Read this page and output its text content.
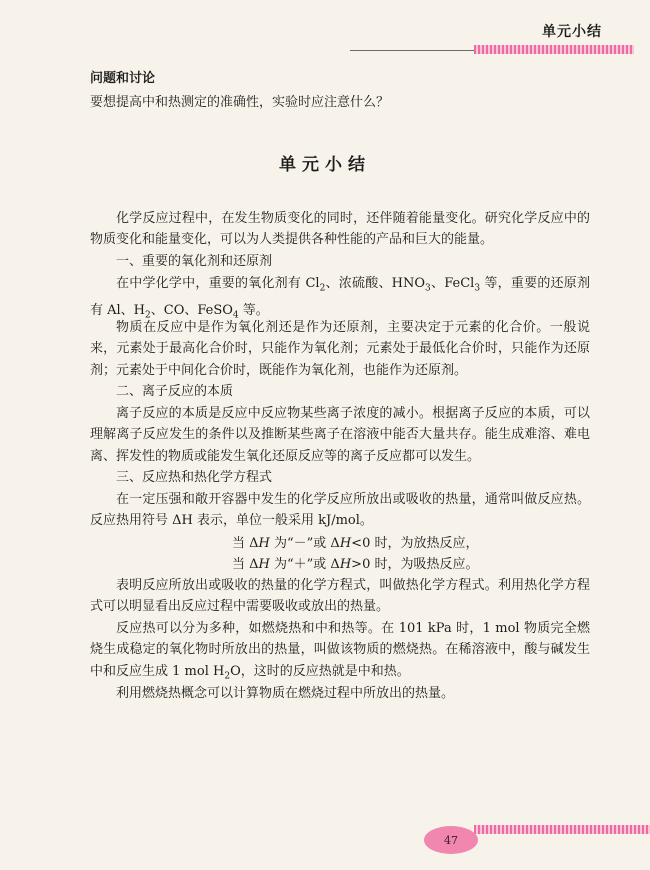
单元小结
问题和讨论
要想提高中和热测定的准确性，实验时应注意什么？
单元小结
化学反应过程中，在发生物质变化的同时，还伴随着能量变化。研究化学反应中的物质变化和能量变化，可以为人类提供各种性能的产品和巨大的能量。
一、重要的氧化剂和还原剂
在中学化学中，重要的氧化剂有 $Cl_2$、浓硫酸、$HNO_3$、FeCl$_3$ 等，重要的还原剂有 Al、$H_2$、CO、FeSO$_4$ 等。
物质在反应中是作为氧化剂还是作为还原剂，主要决定于元素的化合价。一般说来，元素处于最高化合价时，只能作为氧化剂；元素处于最低化合价时，只能作为还原剂；元素处于中间化合价时，既能作为氧化剂，也能作为还原剂。
二、离子反应的本质
离子反应的本质是反应中反应物某些离子浓度的减小。根据离子反应的本质，可以理解离子反应发生的条件以及推断某些离子在溶液中能否大量共存。能生成难溶、难电离、挥发性的物质或能发生氧化还原反应等的离子反应都可以发生。
三、反应热和热化学方程式
在一定压强和敞开容器中发生的化学反应所放出或吸收的热量，通常叫做反应热。反应热用符号 ΔH 表示，单位一般采用 kJ/mol。
当 ΔH 为“－”或 ΔH<0 时，为放热反应，
当 ΔH 为“＋”或 ΔH>0 时，为吸热反应。
表明反应所放出或吸收的热量的化学方程式，叫做热化学方程式。利用热化学方程式可以明显看出反应过程中需要吸收或放出的热量。
反应热可以分为多种，如燃烧热和中和热等。在 101 kPa 时，1 mol 物质完全燃烧生成稳定的氧化物时所放出的热量，叫做该物质的燃烧热。在稀溶液中，酸与碱发生中和反应生成 1 mol $H_2O$，这时的反应热就是中和热。
利用燃烧热概念可以计算物质在燃烧过程中所放出的热量。
47
